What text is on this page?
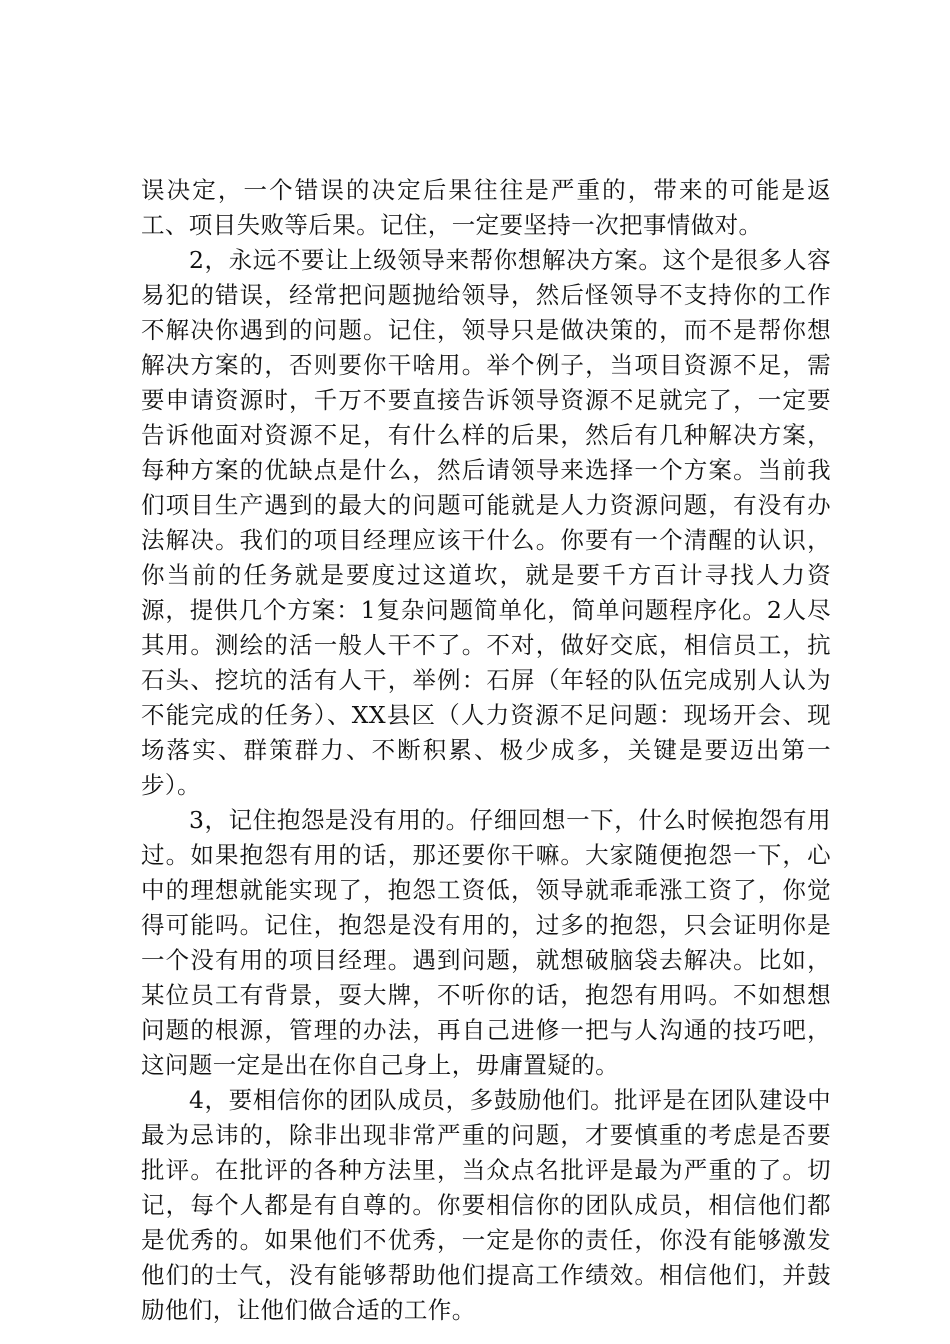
误决定，一个错误的决定后果往往是严重的，带来的可能是返工、项目失败等后果。记住，一定要坚持一次把事情做对。

2，永远不要让上级领导来帮你想解决方案。这个是很多人容易犯的错误，经常把问题抛给领导，然后怪领导不支持你的工作不解决你遇到的问题。记住，领导只是做决策的，而不是帮你想解决方案的，否则要你干啥用。举个例子，当项目资源不足，需要申请资源时，千万不要直接告诉领导资源不足就完了，一定要告诉他面对资源不足，有什么样的后果，然后有几种解决方案，每种方案的优缺点是什么，然后请领导来选择一个方案。当前我们项目生产遇到的最大的问题可能就是人力资源问题，有没有办法解决。我们的项目经理应该干什么。你要有一个清醒的认识，你当前的任务就是要度过这道坎，就是要千方百计寻找人力资源，提供几个方案：1复杂问题简单化，简单问题程序化。2人尽其用。测绘的活一般人干不了。不对，做好交底，相信员工，抗石头、挖坑的活有人干，举例：石屏（年轻的队伍完成别人认为不能完成的任务）、XX县区（人力资源不足问题：现场开会、现场落实、群策群力、不断积累、极少成多，关键是要迈出第一步）。

3，记住抱怨是没有用的。仔细回想一下，什么时候抱怨有用过。如果抱怨有用的话，那还要你干嘛。大家随便抱怨一下，心中的理想就能实现了，抱怨工资低，领导就乖乖涨工资了，你觉得可能吗。记住，抱怨是没有用的，过多的抱怨，只会证明你是一个没有用的项目经理。遇到问题，就想破脑袋去解决。比如，某位员工有背景，耍大牌，不听你的话，抱怨有用吗。不如想想问题的根源，管理的办法，再自己进修一把与人沟通的技巧吧，这问题一定是出在你自己身上，毋庸置疑的。

4，要相信你的团队成员，多鼓励他们。批评是在团队建设中最为忌讳的，除非出现非常严重的问题，才要慎重的考虑是否要批评。在批评的各种方法里，当众点名批评是最为严重的了。切记，每个人都是有自尊的。你要相信你的团队成员，相信他们都是优秀的。如果他们不优秀，一定是你的责任，你没有能够激发他们的士气，没有能够帮助他们提高工作绩效。相信他们，并鼓励他们，让他们做合适的工作。
